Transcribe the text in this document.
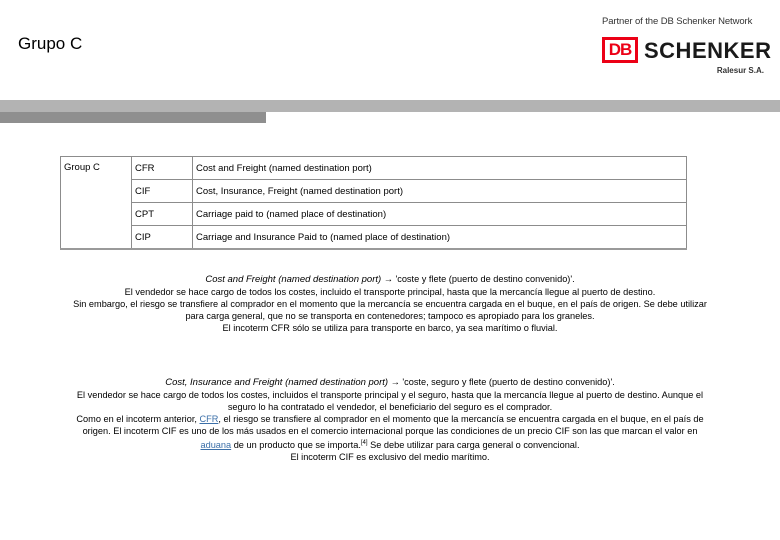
Grupo C
Partner of the DB Schenker Network
DB SCHENKER
Ralesur S.A.
Group C	CFR	Cost and Freight (named destination port)
	CIF	Cost, Insurance, Freight (named destination port)
	CPT	Carriage paid to (named place of destination)
	CIP	Carriage and Insurance Paid to (named place of destination)
Cost and Freight (named destination port) → 'coste y flete (puerto de destino convenido)'.
El vendedor se hace cargo de todos los costes, incluido el transporte principal, hasta que la mercancía llegue al puerto de destino.
Sin embargo, el riesgo se transfiere al comprador en el momento que la mercancía se encuentra cargada en el buque, en el país de origen. Se debe utilizar para carga general, que no se transporta en contenedores; tampoco es apropiado para los graneles.
El incoterm CFR sólo se utiliza para transporte en barco, ya sea marítimo o fluvial.
Cost, Insurance and Freight (named destination port) → 'coste, seguro y flete (puerto de destino convenido)'.
El vendedor se hace cargo de todos los costes, incluidos el transporte principal y el seguro, hasta que la mercancía llegue al puerto de destino. Aunque el seguro lo ha contratado el vendedor, el beneficiario del seguro es el comprador.
Como en el incoterm anterior, CFR, el riesgo se transfiere al comprador en el momento que la mercancía se encuentra cargada en el buque, en el país de origen. El incoterm CIF es uno de los más usados en el comercio internacional porque las condiciones de un precio CIF son las que marcan el valor en aduana de un producto que se importa.[4] Se debe utilizar para carga general o convencional.
El incoterm CIF es exclusivo del medio marítimo.
